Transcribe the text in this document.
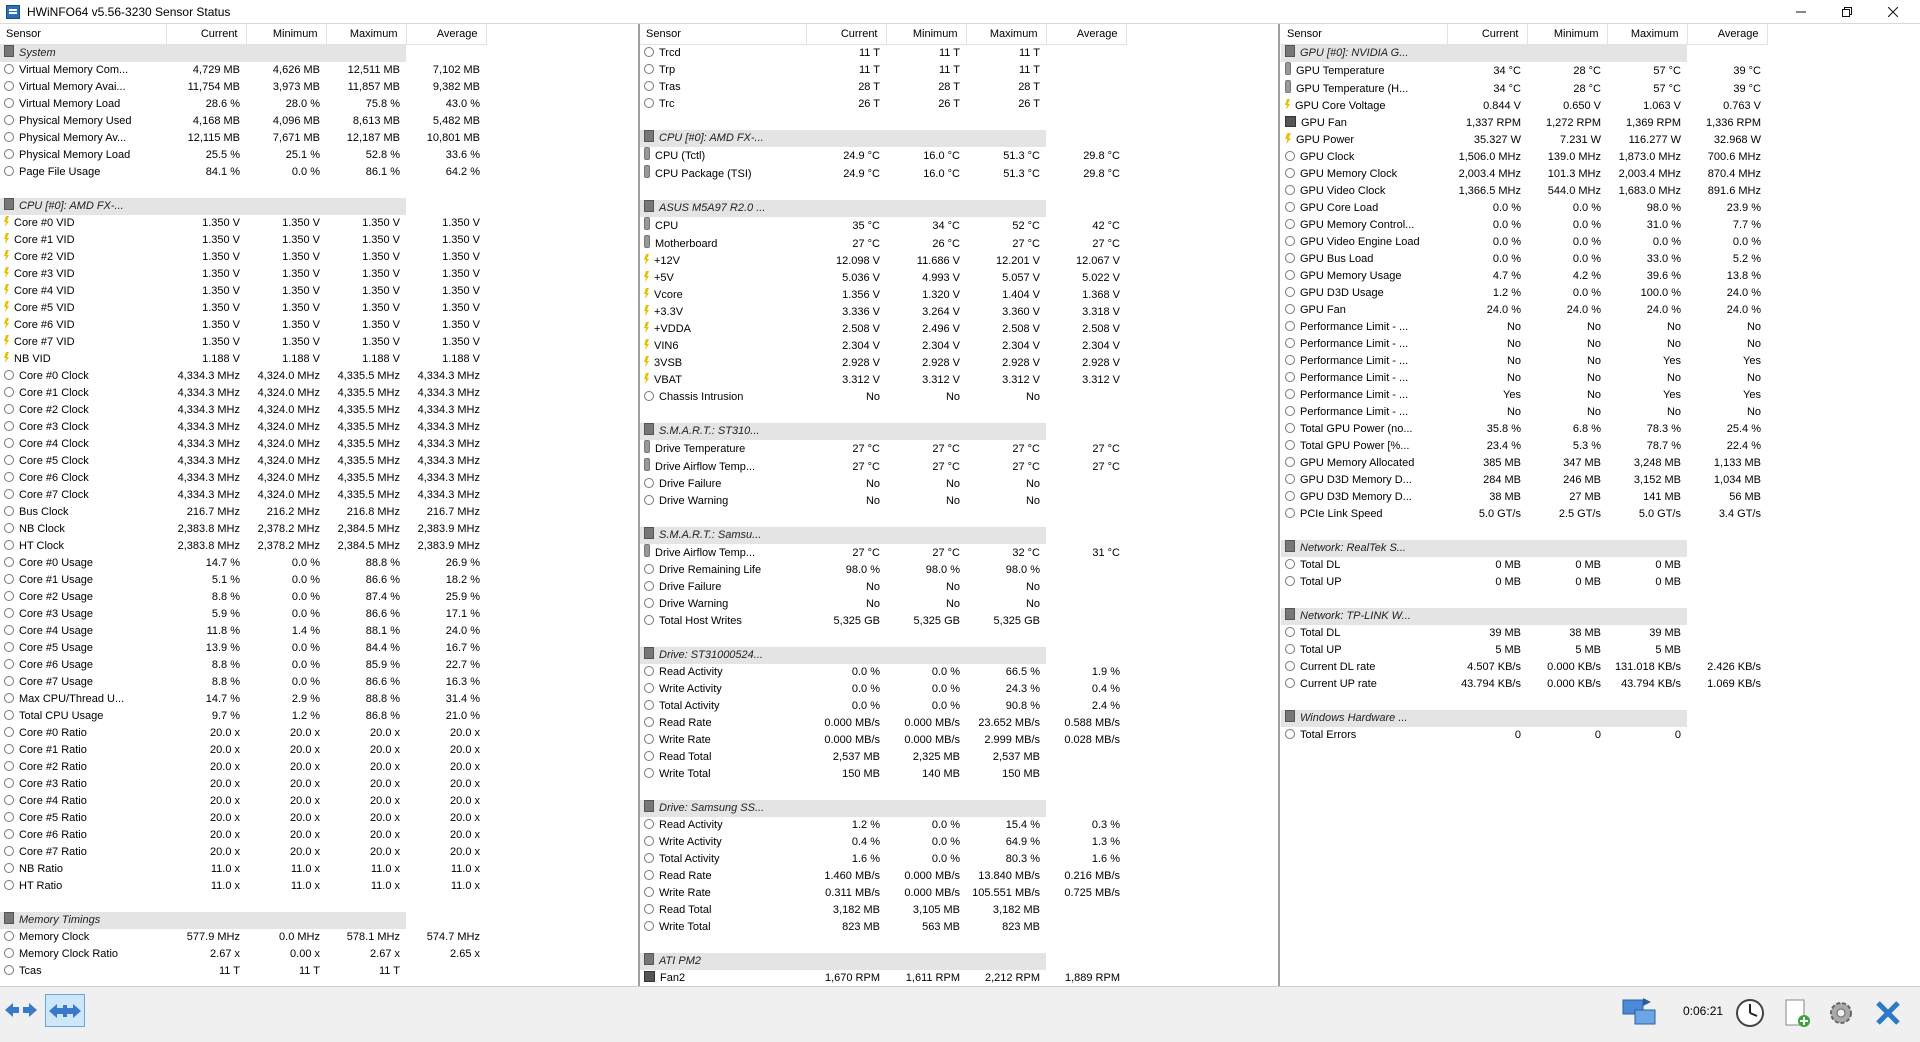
HWiNFO64 v5.56-3230 Sensor Status
Sensor	Current	Minimum	Maximum	Average
System				
Virtual Memory Com...	4,729 MB	4,626 MB	12,511 MB	7,102 MB
Virtual Memory Avai...	11,754 MB	3,973 MB	11,857 MB	9,382 MB
Virtual Memory Load	28.6 %	28.0 %	75.8 %	43.0 %
Physical Memory Used	4,168 MB	4,096 MB	8,613 MB	5,482 MB
Physical Memory Av...	12,115 MB	7,671 MB	12,187 MB	10,801 MB
Physical Memory Load	25.5 %	25.1 %	52.8 %	33.6 %
Page File Usage	84.1 %	0.0 %	86.1 %	64.2 %

CPU [#0]: AMD FX-...				
Core #0 VID	1.350 V	1.350 V	1.350 V	1.350 V
Core #1 VID	1.350 V	1.350 V	1.350 V	1.350 V
Core #2 VID	1.350 V	1.350 V	1.350 V	1.350 V
Core #3 VID	1.350 V	1.350 V	1.350 V	1.350 V
Core #4 VID	1.350 V	1.350 V	1.350 V	1.350 V
Core #5 VID	1.350 V	1.350 V	1.350 V	1.350 V
Core #6 VID	1.350 V	1.350 V	1.350 V	1.350 V
Core #7 VID	1.350 V	1.350 V	1.350 V	1.350 V
NB VID	1.188 V	1.188 V	1.188 V	1.188 V
Core #0 Clock	4,334.3 MHz	4,324.0 MHz	4,335.5 MHz	4,334.3 MHz
Core #1 Clock	4,334.3 MHz	4,324.0 MHz	4,335.5 MHz	4,334.3 MHz
Core #2 Clock	4,334.3 MHz	4,324.0 MHz	4,335.5 MHz	4,334.3 MHz
Core #3 Clock	4,334.3 MHz	4,324.0 MHz	4,335.5 MHz	4,334.3 MHz
Core #4 Clock	4,334.3 MHz	4,324.0 MHz	4,335.5 MHz	4,334.3 MHz
Core #5 Clock	4,334.3 MHz	4,324.0 MHz	4,335.5 MHz	4,334.3 MHz
Core #6 Clock	4,334.3 MHz	4,324.0 MHz	4,335.5 MHz	4,334.3 MHz
Core #7 Clock	4,334.3 MHz	4,324.0 MHz	4,335.5 MHz	4,334.3 MHz
Bus Clock	216.7 MHz	216.2 MHz	216.8 MHz	216.7 MHz
NB Clock	2,383.8 MHz	2,378.2 MHz	2,384.5 MHz	2,383.9 MHz
HT Clock	2,383.8 MHz	2,378.2 MHz	2,384.5 MHz	2,383.9 MHz
Core #0 Usage	14.7 %	0.0 %	88.8 %	26.9 %
Core #1 Usage	5.1 %	0.0 %	86.6 %	18.2 %
Core #2 Usage	8.8 %	0.0 %	87.4 %	25.9 %
Core #3 Usage	5.9 %	0.0 %	86.6 %	17.1 %
Core #4 Usage	11.8 %	1.4 %	88.1 %	24.0 %
Core #5 Usage	13.9 %	0.0 %	84.4 %	16.7 %
Core #6 Usage	8.8 %	0.0 %	85.9 %	22.7 %
Core #7 Usage	8.8 %	0.0 %	86.6 %	16.3 %
Max CPU/Thread U...	14.7 %	2.9 %	88.8 %	31.4 %
Total CPU Usage	9.7 %	1.2 %	86.8 %	21.0 %
Core #0 Ratio	20.0 x	20.0 x	20.0 x	20.0 x
Core #1 Ratio	20.0 x	20.0 x	20.0 x	20.0 x
Core #2 Ratio	20.0 x	20.0 x	20.0 x	20.0 x
Core #3 Ratio	20.0 x	20.0 x	20.0 x	20.0 x
Core #4 Ratio	20.0 x	20.0 x	20.0 x	20.0 x
Core #5 Ratio	20.0 x	20.0 x	20.0 x	20.0 x
Core #6 Ratio	20.0 x	20.0 x	20.0 x	20.0 x
Core #7 Ratio	20.0 x	20.0 x	20.0 x	20.0 x
NB Ratio	11.0 x	11.0 x	11.0 x	11.0 x
HT Ratio	11.0 x	11.0 x	11.0 x	11.0 x

Memory Timings				
Memory Clock	577.9 MHz	0.0 MHz	578.1 MHz	574.7 MHz
Memory Clock Ratio	2.67 x	0.00 x	2.67 x	2.65 x
Tcas	11 T	11 T	11 T	
Sensor	Current	Minimum	Maximum	Average
Trcd	11 T	11 T	11 T	
Trp	11 T	11 T	11 T	
Tras	28 T	28 T	28 T	
Trc	26 T	26 T	26 T	

CPU [#0]: AMD FX-...				
CPU (Tctl)	24.9 °C	16.0 °C	51.3 °C	29.8 °C
CPU Package (TSI)	24.9 °C	16.0 °C	51.3 °C	29.8 °C

ASUS M5A97 R2.0 ...				
CPU	35 °C	34 °C	52 °C	42 °C
Motherboard	27 °C	26 °C	27 °C	27 °C
+12V	12.098 V	11.686 V	12.201 V	12.067 V
+5V	5.036 V	4.993 V	5.057 V	5.022 V
Vcore	1.356 V	1.320 V	1.404 V	1.368 V
+3.3V	3.336 V	3.264 V	3.360 V	3.318 V
+VDDA	2.508 V	2.496 V	2.508 V	2.508 V
VIN6	2.304 V	2.304 V	2.304 V	2.304 V
3VSB	2.928 V	2.928 V	2.928 V	2.928 V
VBAT	3.312 V	3.312 V	3.312 V	3.312 V
Chassis Intrusion	No	No	No	

S.M.A.R.T.: ST310...				
Drive Temperature	27 °C	27 °C	27 °C	27 °C
Drive Airflow Temp...	27 °C	27 °C	27 °C	27 °C
Drive Failure	No	No	No	
Drive Warning	No	No	No	

S.M.A.R.T.: Samsu...				
Drive Airflow Temp...	27 °C	27 °C	32 °C	31 °C
Drive Remaining Life	98.0 %	98.0 %	98.0 %	
Drive Failure	No	No	No	
Drive Warning	No	No	No	
Total Host Writes	5,325 GB	5,325 GB	5,325 GB	

Drive: ST31000524...				
Read Activity	0.0 %	0.0 %	66.5 %	1.9 %
Write Activity	0.0 %	0.0 %	24.3 %	0.4 %
Total Activity	0.0 %	0.0 %	90.8 %	2.4 %
Read Rate	0.000 MB/s	0.000 MB/s	23.652 MB/s	0.588 MB/s
Write Rate	0.000 MB/s	0.000 MB/s	2.999 MB/s	0.028 MB/s
Read Total	2,537 MB	2,325 MB	2,537 MB	
Write Total	150 MB	140 MB	150 MB	

Drive: Samsung SS...				
Read Activity	1.2 %	0.0 %	15.4 %	0.3 %
Write Activity	0.4 %	0.0 %	64.9 %	1.3 %
Total Activity	1.6 %	0.0 %	80.3 %	1.6 %
Read Rate	1.460 MB/s	0.000 MB/s	13.840 MB/s	0.216 MB/s
Write Rate	0.311 MB/s	0.000 MB/s	105.551 MB/s	0.725 MB/s
Read Total	3,182 MB	3,105 MB	3,182 MB	
Write Total	823 MB	563 MB	823 MB	

ATI PM2				
Fan2	1,670 RPM	1,611 RPM	2,212 RPM	1,889 RPM
Sensor	Current	Minimum	Maximum	Average
GPU [#0]: NVIDIA G...				
GPU Temperature	34 °C	28 °C	57 °C	39 °C
GPU Temperature (H...	34 °C	28 °C	57 °C	39 °C
GPU Core Voltage	0.844 V	0.650 V	1.063 V	0.763 V
GPU Fan	1,337 RPM	1,272 RPM	1,369 RPM	1,336 RPM
GPU Power	35.327 W	7.231 W	116.277 W	32.968 W
GPU Clock	1,506.0 MHz	139.0 MHz	1,873.0 MHz	700.6 MHz
GPU Memory Clock	2,003.4 MHz	101.3 MHz	2,003.4 MHz	870.4 MHz
GPU Video Clock	1,366.5 MHz	544.0 MHz	1,683.0 MHz	891.6 MHz
GPU Core Load	0.0 %	0.0 %	98.0 %	23.9 %
GPU Memory Control...	0.0 %	0.0 %	31.0 %	7.7 %
GPU Video Engine Load	0.0 %	0.0 %	0.0 %	0.0 %
GPU Bus Load	0.0 %	0.0 %	33.0 %	5.2 %
GPU Memory Usage	4.7 %	4.2 %	39.6 %	13.8 %
GPU D3D Usage	1.2 %	0.0 %	100.0 %	24.0 %
GPU Fan	24.0 %	24.0 %	24.0 %	24.0 %
Performance Limit - ...	No	No	No	No
Performance Limit - ...	No	No	No	No
Performance Limit - ...	No	No	Yes	Yes
Performance Limit - ...	No	No	No	No
Performance Limit - ...	Yes	No	Yes	Yes
Performance Limit - ...	No	No	No	No
Total GPU Power (no...	35.8 %	6.8 %	78.3 %	25.4 %
Total GPU Power [%...	23.4 %	5.3 %	78.7 %	22.4 %
GPU Memory Allocated	385 MB	347 MB	3,248 MB	1,133 MB
GPU D3D Memory D...	284 MB	246 MB	3,152 MB	1,034 MB
GPU D3D Memory D...	38 MB	27 MB	141 MB	56 MB
PCIe Link Speed	5.0 GT/s	2.5 GT/s	5.0 GT/s	3.4 GT/s

Network: RealTek S...				
Total DL	0 MB	0 MB	0 MB	
Total UP	0 MB	0 MB	0 MB	

Network: TP-LINK W...				
Total DL	39 MB	38 MB	39 MB	
Total UP	5 MB	5 MB	5 MB	
Current DL rate	4.507 KB/s	0.000 KB/s	131.018 KB/s	2.426 KB/s
Current UP rate	43.794 KB/s	0.000 KB/s	43.794 KB/s	1.069 KB/s

Windows Hardware ...				
Total Errors	0	0	0	
0:06:21
